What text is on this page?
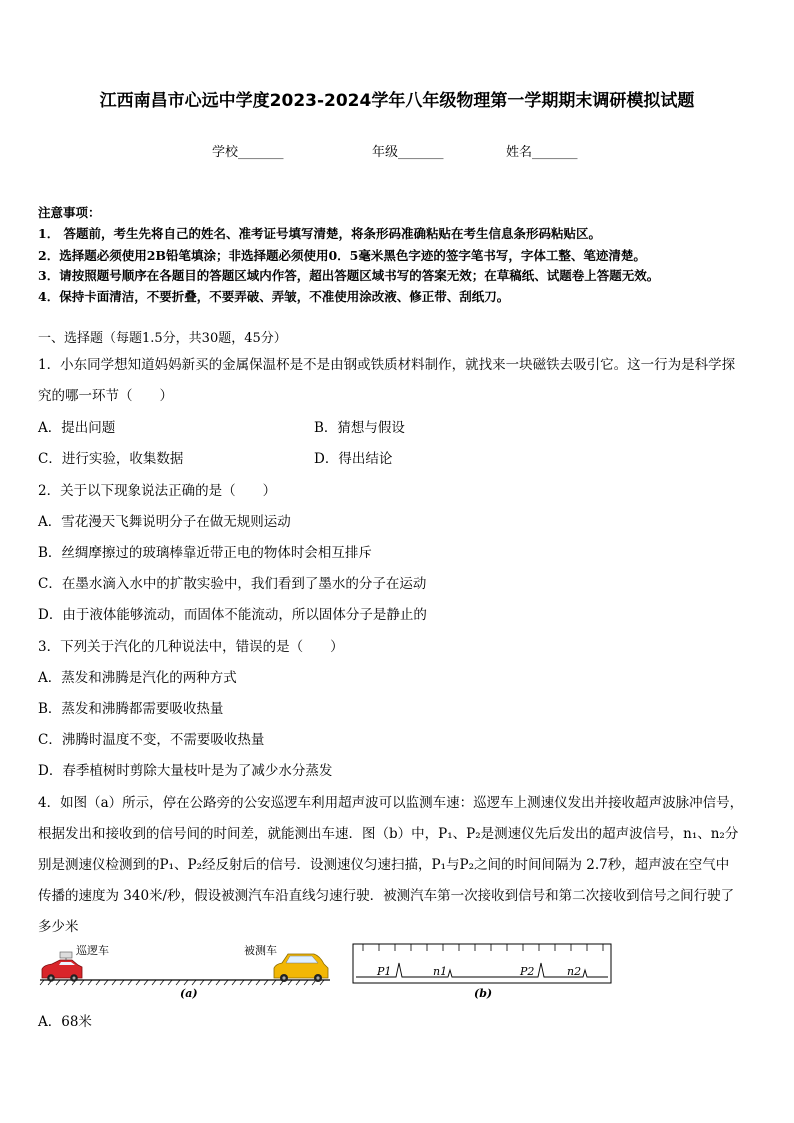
江西南昌市心远中学度2023-2024学年八年级物理第一学期期末调研模拟试题
学校_______	年级_______	姓名_______
注意事项：
1． 答题前，考生先将自己的姓名、准考证号填写清楚，将条形码准确粘贴在考生信息条形码粘贴区。
2．选择题必须使用2B铅笔填涂；非选择题必须使用0．5毫米黑色字迹的签字笔书写，字体工整、笔迹清楚。
3．请按照题号顺序在各题目的答题区域内作答，超出答题区域书写的答案无效；在草稿纸、试题卷上答题无效。
4．保持卡面清洁，不要折叠，不要弄破、弄皱，不准使用涂改液、修正带、刮纸刀。
一、选择题（每题1.5分，共30题，45分）
1．小东同学想知道妈妈新买的金属保温杯是不是由钢或铁质材料制作，就找来一块磁铁去吸引它。这一行为是科学探
究的哪一环节（　　）
A．提出问题	B．猜想与假设
C．进行实验，收集数据	D．得出结论
2．关于以下现象说法正确的是（　　）
A．雪花漫天飞舞说明分子在做无规则运动
B．丝绸摩擦过的玻璃棒靠近带正电的物体时会相互排斥
C．在墨水滴入水中的扩散实验中，我们看到了墨水的分子在运动
D．由于液体能够流动，而固体不能流动，所以固体分子是静止的
3．下列关于汽化的几种说法中，错误的是（　　）
A．蒸发和沸腾是汽化的两种方式
B．蒸发和沸腾都需要吸收热量
C．沸腾时温度不变，不需要吸收热量
D．春季植树时剪除大量枝叶是为了减少水分蒸发
4．如图（a）所示，停在公路旁的公安巡逻车利用超声波可以监测车速：巡逻车上测速仪发出并接收超声波脉冲信号，
根据发出和接收到的信号间的时间差，就能测出车速．图（b）中，P₁、P₂是测速仪先后发出的超声波信号，n₁、n₂分
别是测速仪检测到的P₁、P₂经反射后的信号．设测速仪匀速扫描，P₁与P₂之间的时间间隔为 2.7秒，超声波在空气中
传播的速度为 340米/秒，假设被测汽车沿直线匀速行驶．被测汽车第一次接收到信号和第二次接收到信号之间行驶了
多少米
巡逻车	被测车
(a)
P1	n1	P2	n2
(b)
A．68米
